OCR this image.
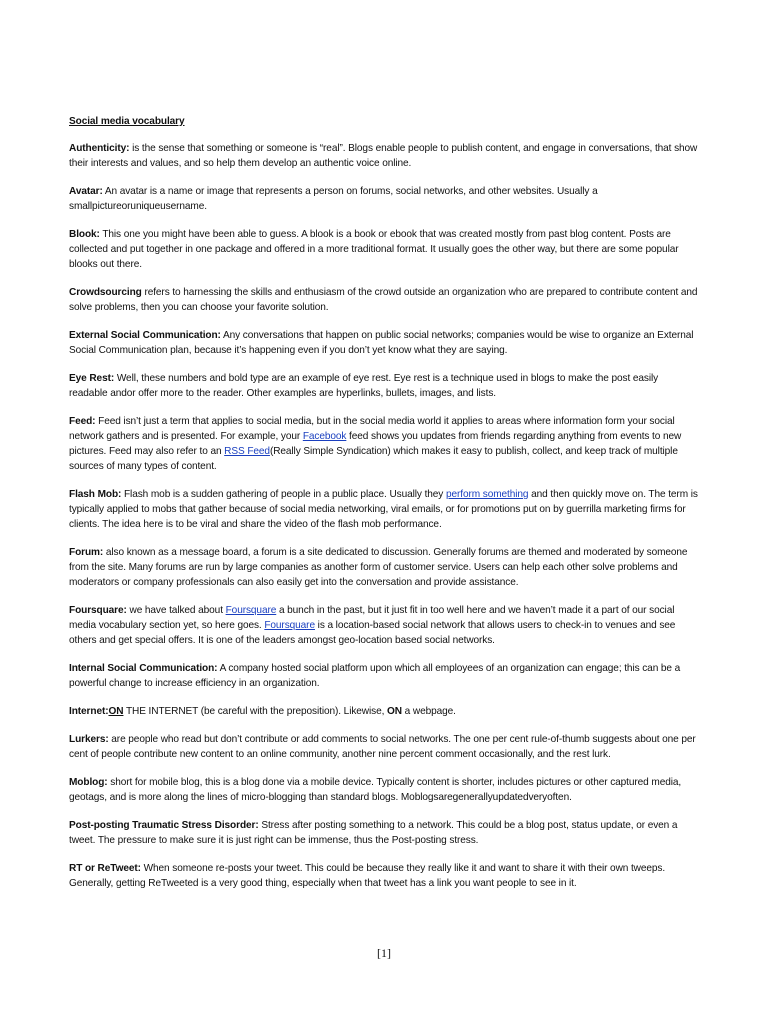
Social media vocabulary

Authenticity: is the sense that something or someone is “real”. Blogs enable people to publish content, and engage in conversations, that show their interests and values, and so help them develop an authentic voice online.

Avatar: An avatar is a name or image that represents a person on forums, social networks, and other websites. Usually a smallpictureoruniqueusername.

Blook: This one you might have been able to guess. A blook is a book or ebook that was created mostly from past blog content. Posts are collected and put together in one package and offered in a more traditional format. It usually goes the other way, but there are some popular blooks out there.

Crowdsourcing refers to harnessing the skills and enthusiasm of the crowd outside an organization who are prepared to contribute content and solve problems, then you can choose your favorite solution.

External Social Communication: Any conversations that happen on public social networks; companies would be wise to organize an External Social Communication plan, because it’s happening even if you don’t yet know what they are saying.

Eye Rest: Well, these numbers and bold type are an example of eye rest. Eye rest is a technique used in blogs to make the post easily readable andor offer more to the reader. Other examples are hyperlinks, bullets, images, and lists.

Feed: Feed isn’t just a term that applies to social media, but in the social media world it applies to areas where information form your social network gathers and is presented. For example, your Facebook feed shows you updates from friends regarding anything from events to new pictures. Feed may also refer to an RSS Feed(Really Simple Syndication) which makes it easy to publish, collect, and keep track of multiple sources of many types of content.

Flash Mob: Flash mob is a sudden gathering of people in a public place. Usually they perform something and then quickly move on. The term is typically applied to mobs that gather because of social media networking, viral emails, or for promotions put on by guerrilla marketing firms for clients. The idea here is to be viral and share the video of the flash mob performance.

Forum: also known as a message board, a forum is a site dedicated to discussion. Generally forums are themed and moderated by someone from the site. Many forums are run by large companies as another form of customer service. Users can help each other solve problems and moderators or company professionals can also easily get into the conversation and provide assistance.

Foursquare: we have talked about Foursquare a bunch in the past, but it just fit in too well here and we haven’t made it a part of our social media vocabulary section yet, so here goes. Foursquare is a location-based social network that allows users to check-in to venues and see others and get special offers. It is one of the leaders amongst geo-location based social networks.

Internal Social Communication: A company hosted social platform upon which all employees of an organization can engage; this can be a powerful change to increase efficiency in an organization.

Internet:ON THE INTERNET (be careful with the preposition). Likewise, ON a webpage.

Lurkers: are people who read but don’t contribute or add comments to social networks. The one per cent rule-of-thumb suggests about one per cent of people contribute new content to an online community, another nine percent comment occasionally, and the rest lurk.

Moblog: short for mobile blog, this is a blog done via a mobile device. Typically content is shorter, includes pictures or other captured media, geotags, and is more along the lines of micro-blogging than standard blogs. Moblogsaregenerallyupdatedveryoften.

Post-posting Traumatic Stress Disorder: Stress after posting something to a network. This could be a blog post, status update, or even a tweet. The pressure to make sure it is just right can be immense, thus the Post-posting stress.

RT or ReTweet: When someone re-posts your tweet. This could be because they really like it and want to share it with their own tweeps. Generally, getting ReTweeted is a very good thing, especially when that tweet has a link you want people to see in it.

[1]
